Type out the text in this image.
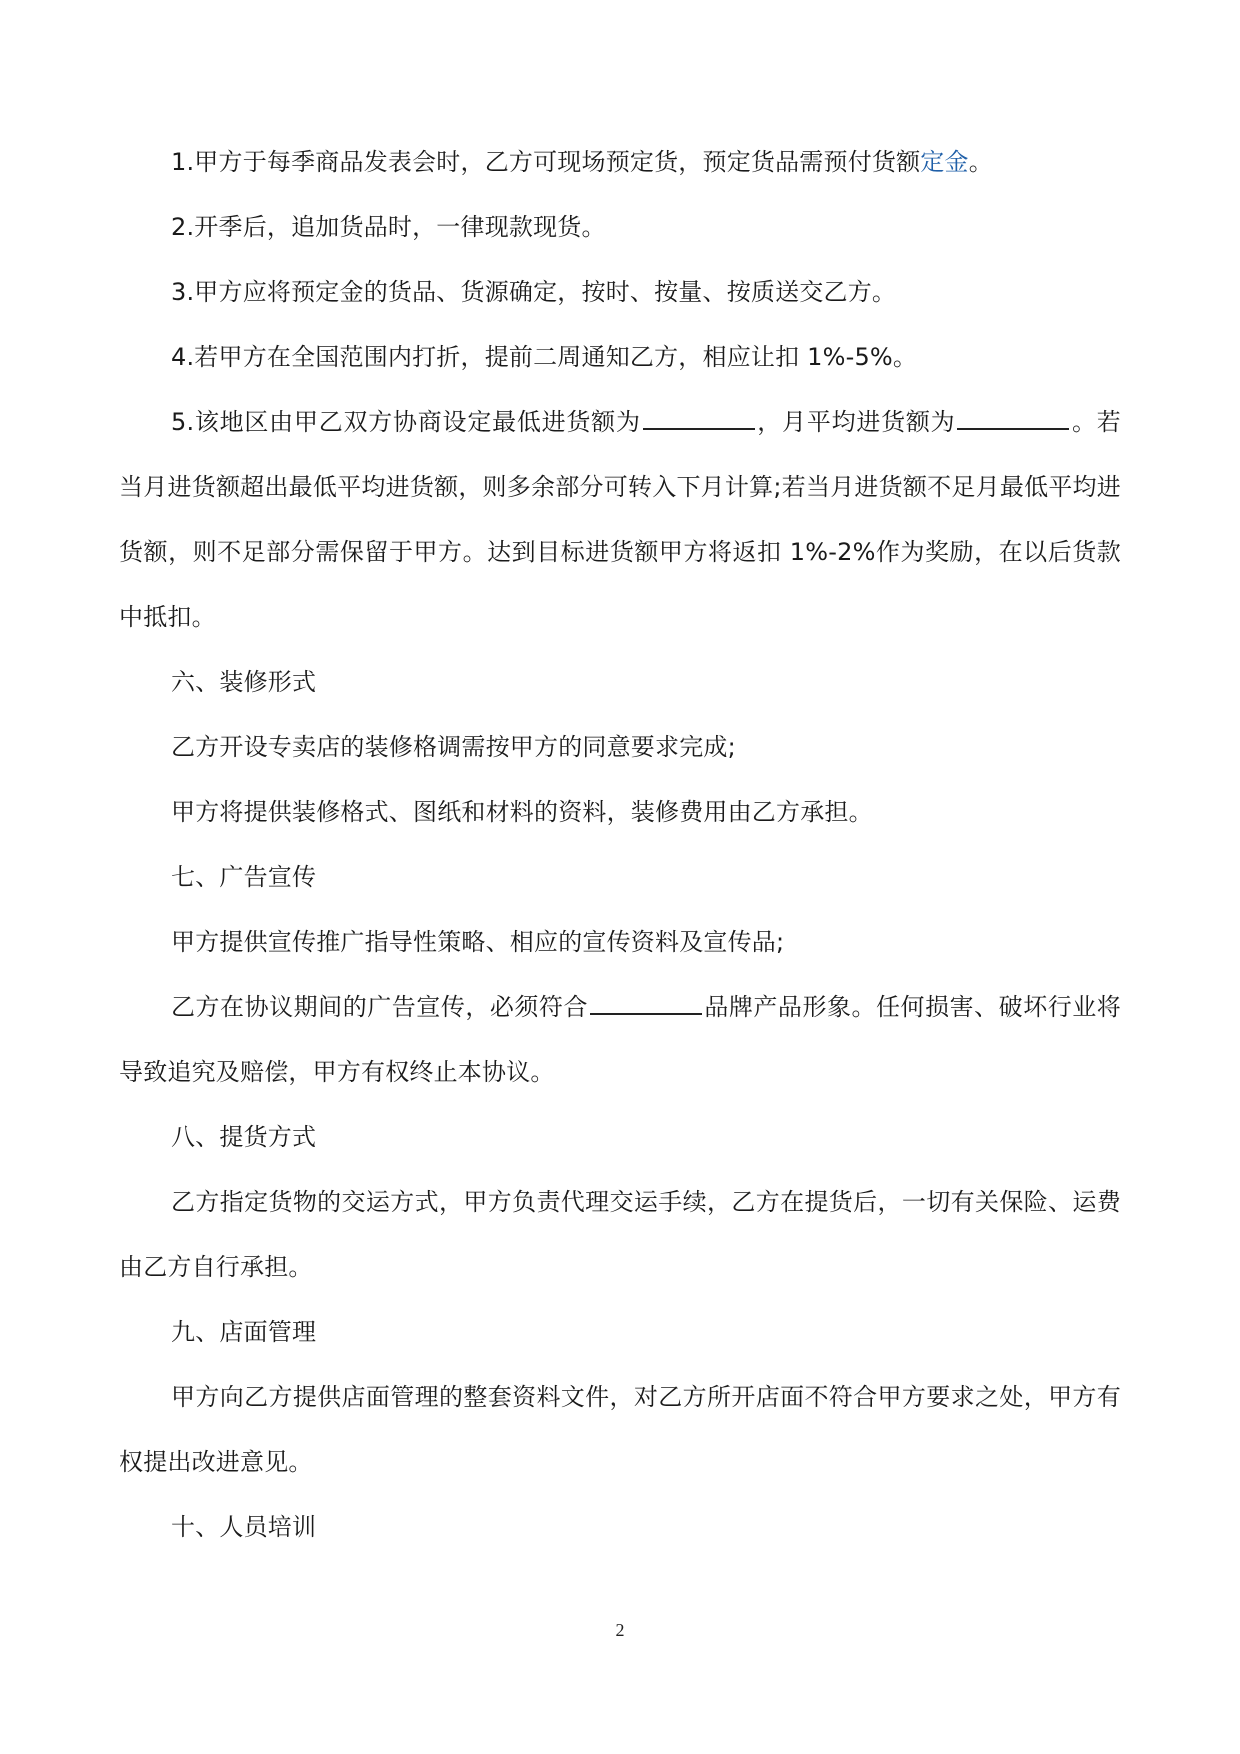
1.甲方于每季商品发表会时，乙方可现场预定货，预定货品需预付货额定金。

2.开季后，追加货品时，一律现款现货。

3.甲方应将预定金的货品、货源确定，按时、按量、按质送交乙方。

4.若甲方在全国范围内打折，提前二周通知乙方，相应让扣 1%-5%。

5.该地区由甲乙双方协商设定最低进货额为	，月平均进货额为	。若当月进货额超出最低平均进货额，则多余部分可转入下月计算;若当月进货额不足月最低平均进货额，则不足部分需保留于甲方。达到目标进货额甲方将返扣 1%-2%作为奖励，在以后货款中抵扣。

六、装修形式

乙方开设专卖店的装修格调需按甲方的同意要求完成;

甲方将提供装修格式、图纸和材料的资料，装修费用由乙方承担。

七、广告宣传

甲方提供宣传推广指导性策略、相应的宣传资料及宣传品;

乙方在协议期间的广告宣传，必须符合	品牌产品形象。任何损害、破坏行业将导致追究及赔偿，甲方有权终止本协议。

八、提货方式

乙方指定货物的交运方式，甲方负责代理交运手续，乙方在提货后，一切有关保险、运费由乙方自行承担。

九、店面管理

甲方向乙方提供店面管理的整套资料文件，对乙方所开店面不符合甲方要求之处，甲方有权提出改进意见。

十、人员培训

2
